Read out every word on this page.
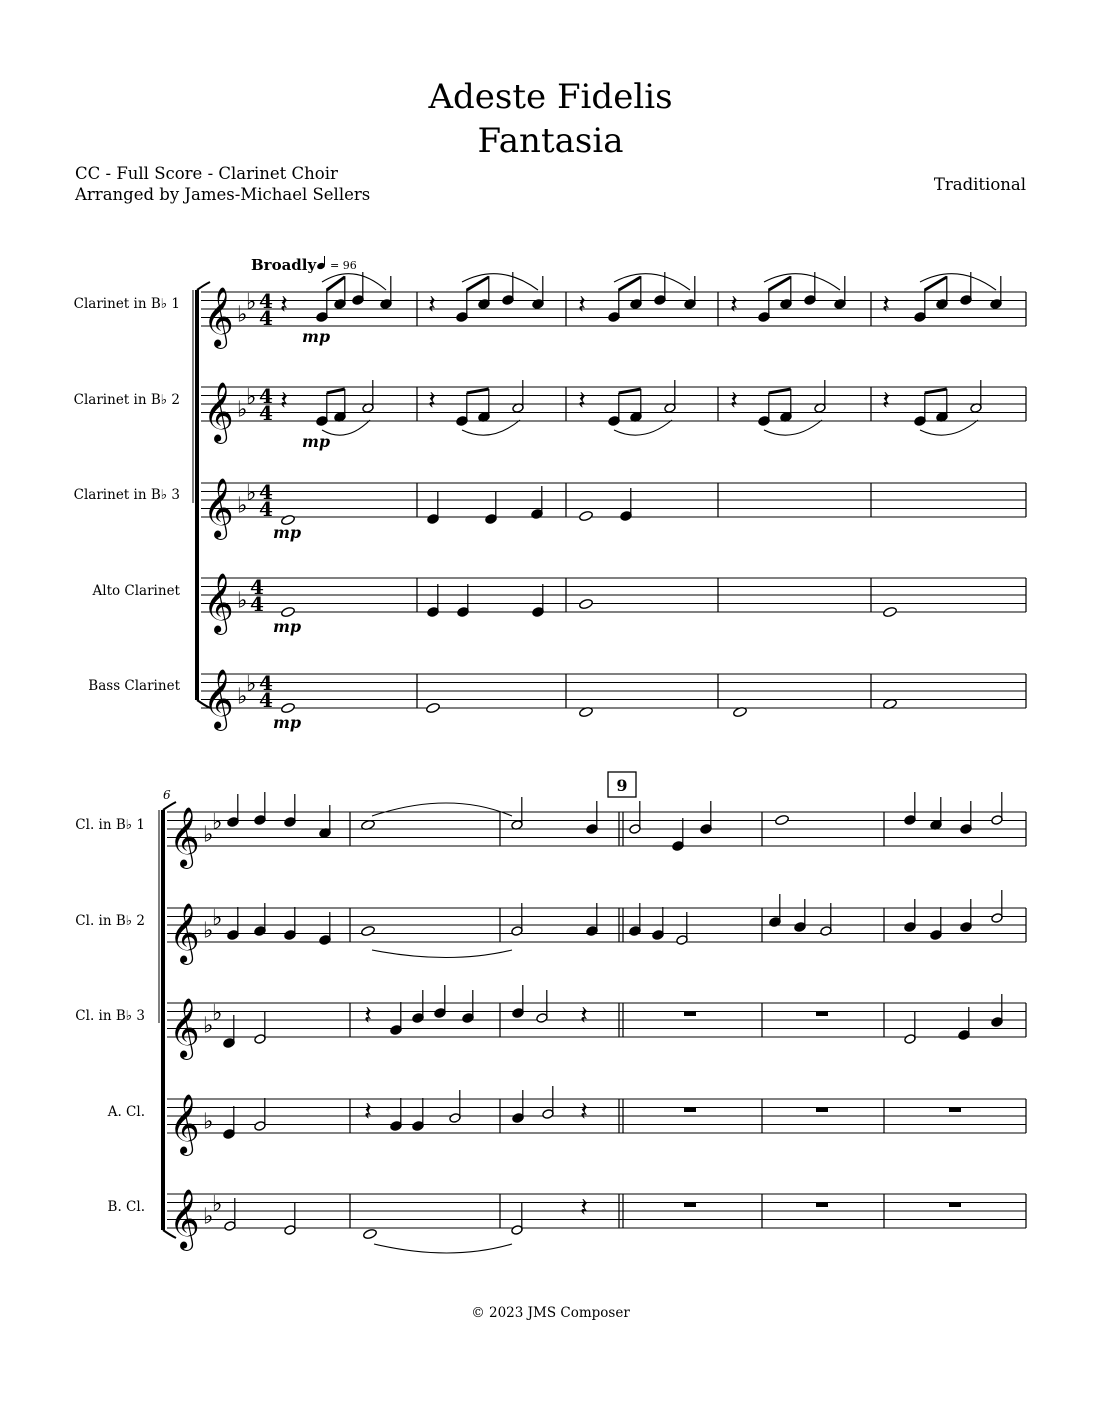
Adeste Fidelis
Fantasia
CC - Full Score - Clarinet Choir
Arranged by James-Michael Sellers
Traditional
Broadly = 96
Clarinet in B♭ 1
Clarinet in B♭ 2
Clarinet in B♭ 3
Alto Clarinet
Bass Clarinet
𝄞 ♭
♭ 4
4
𝄞 ♭
♭ 4
4
𝄞 ♭
♭ 4
4
𝄞 ♭
4
4
𝄞 ♭
♭ 4
4
𝄽	𝄽	𝄽	𝄽	𝄽
𝄽	𝄽	𝄽	𝄽	𝄽
mp
mp
mp
mp
mp
6	9
Cl. in B♭ 1
Cl. in B♭ 2
Cl. in B♭ 3
A. Cl.
B. Cl.
𝄞 ♭
♭
𝄞 ♭
♭
𝄞 ♭
♭
𝄞 ♭
𝄞 ♭
♭
𝄽	𝄽
𝄽	𝄽
𝄽
© 2023 JMS Composer
